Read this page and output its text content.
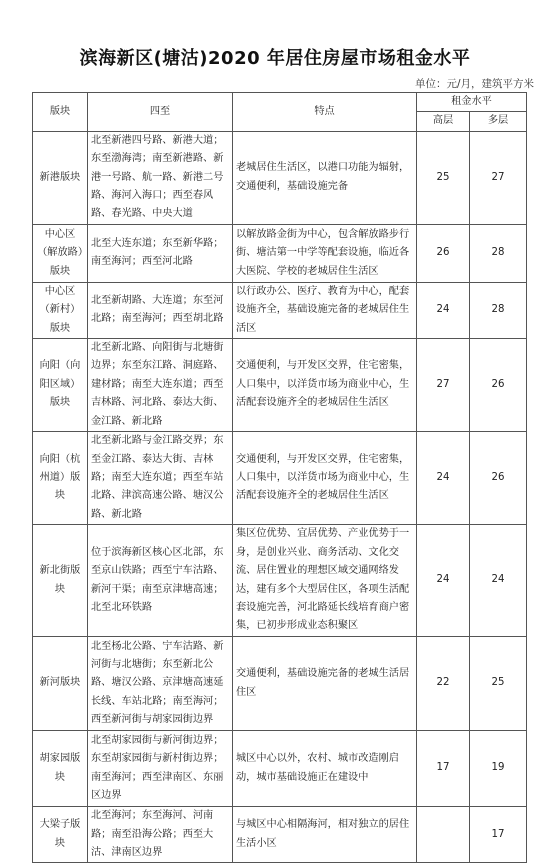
滨海新区(塘沽)2020 年居住房屋市场租金水平
单位：元/月，建筑平方米
版块	四至	特点	租金水平	
			高层	多层
新港版块	北至新港四号路、新港大道；东至渤海湾；南至新港路、新港一号路、航一路、新港二号路、海河入海口；西至春风路、春光路、中央大道	老城居住生活区，以港口功能为辐射，交通便利，基础设施完备	25	27
中心区（解放路）版块	北至大连东道；东至新华路；南至海河；西至河北路	以解放路金街为中心，包含解放路步行街、塘沽第一中学等配套设施，临近各大医院、学校的老城居住生活区	26	28
中心区（新村）版块	北至新胡路、大连道；东至河北路；南至海河；西至胡北路	以行政办公、医疗、教育为中心，配套设施齐全，基础设施完备的老城居住生活区	24	28
向阳（向阳区域）版块	北至新北路、向阳街与北塘街边界；东至东江路、洞庭路、建材路；南至大连东道；西至吉林路、河北路、泰达大街、金江路、新北路	交通便利，与开发区交界，住宅密集，人口集中，以洋货市场为商业中心，生活配套设施齐全的老城居住生活区	27	26
向阳（杭州道）版块	北至新北路与金江路交界；东至金江路、泰达大街、吉林路；南至大连东道；西至车站北路、津滨高速公路、塘汉公路、新北路	交通便利，与开发区交界，住宅密集，人口集中，以洋货市场为商业中心，生活配套设施齐全的老城居住生活区	24	26
新北街版块	位于滨海新区核心区北部，东至京山铁路；西至宁车沽路、新河干渠；南至京津塘高速；北至北环铁路	集区位优势、宜居优势、产业优势于一身，是创业兴业、商务活动、文化交流、居住置业的理想区域交通网络发达，建有多个大型居住区，各项生活配套设施完善，河北路延长线培育商户密集，已初步形成业态积聚区	24	24
新河版块	北至杨北公路、宁车沽路、新河街与北塘街；东至新北公路、塘汉公路、京津塘高速延长线、车站北路；南至海河；西至新河街与胡家园街边界	交通便利，基础设施完备的老城生活居住区	22	25
胡家园版块	北至胡家园街与新河街边界；东至胡家园街与新村街边界；南至海河；西至津南区、东丽区边界	城区中心以外，农村、城市改造刚启动，城市基础设施正在建设中	17	19
大梁子版块	北至海河；东至海河、河南路；南至沿海公路；西至大沽、津南区边界	与城区中心相隔海河，相对独立的居住生活小区		17
